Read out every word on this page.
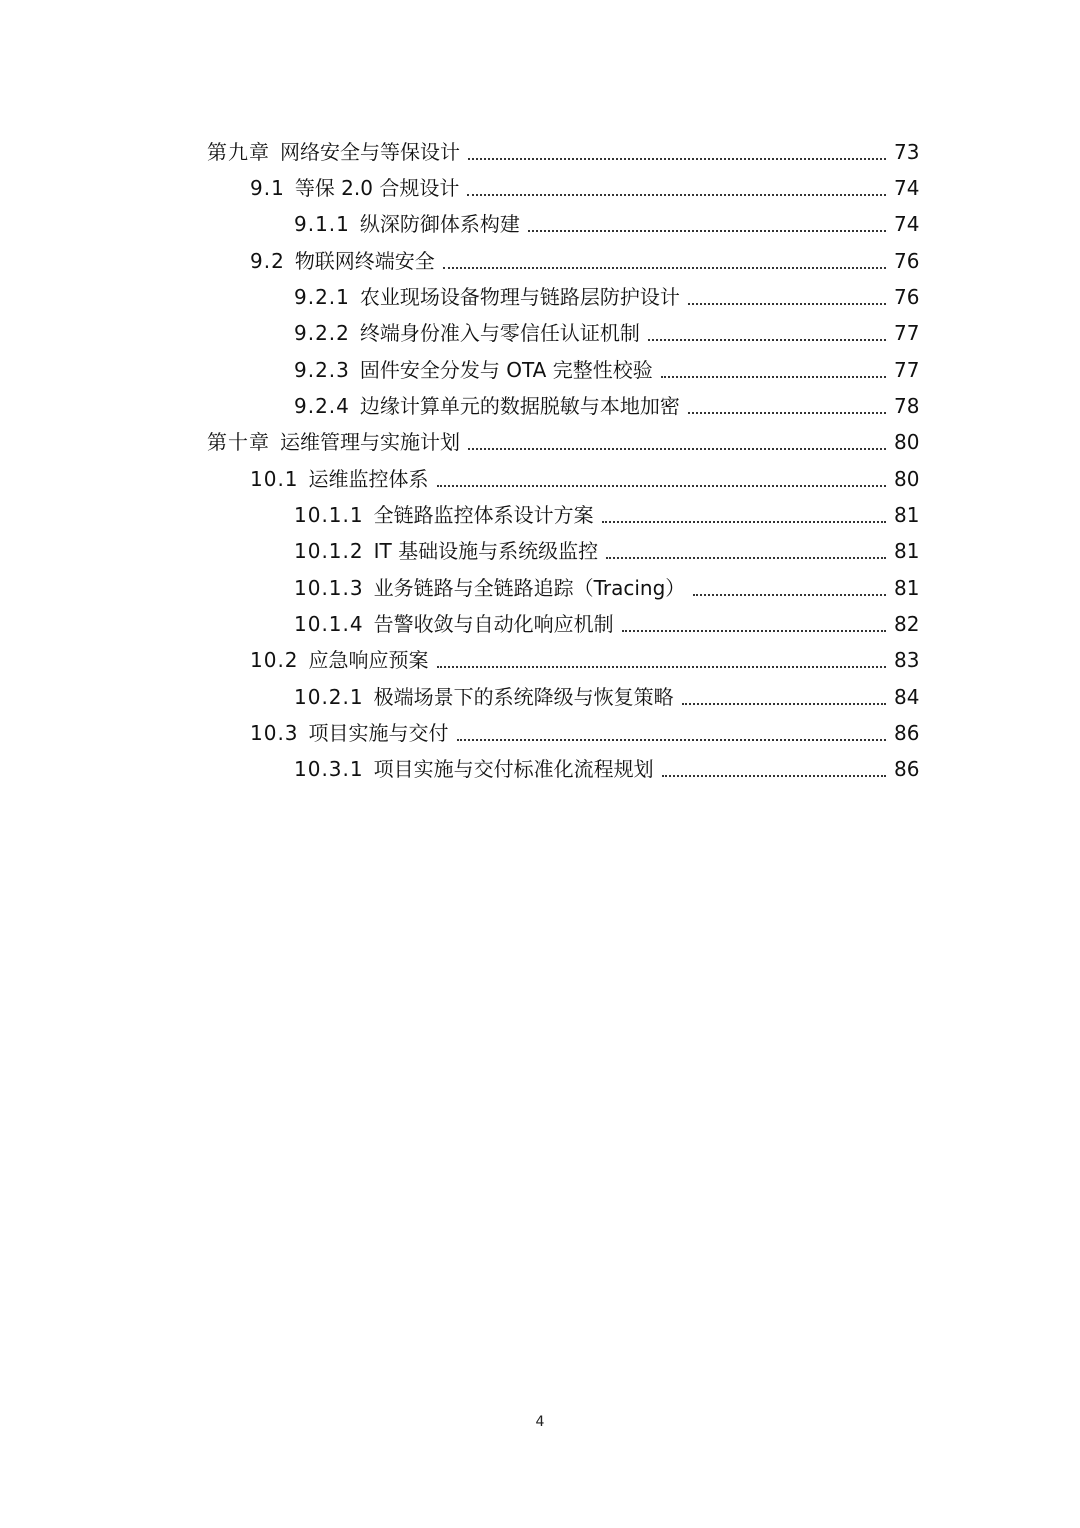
第九章 网络安全与等保设计	73
9.1 等保 2.0 合规设计	74
9.1.1 纵深防御体系构建	74
9.2 物联网终端安全	76
9.2.1 农业现场设备物理与链路层防护设计	76
9.2.2 终端身份准入与零信任认证机制	77
9.2.3 固件安全分发与 OTA 完整性校验	77
9.2.4 边缘计算单元的数据脱敏与本地加密	78
第十章 运维管理与实施计划	80
10.1 运维监控体系	80
10.1.1 全链路监控体系设计方案	81
10.1.2 IT 基础设施与系统级监控	81
10.1.3 业务链路与全链路追踪（Tracing）	81
10.1.4 告警收敛与自动化响应机制	82
10.2 应急响应预案	83
10.2.1 极端场景下的系统降级与恢复策略	84
10.3 项目实施与交付	86
10.3.1 项目实施与交付标准化流程规划	86
4
